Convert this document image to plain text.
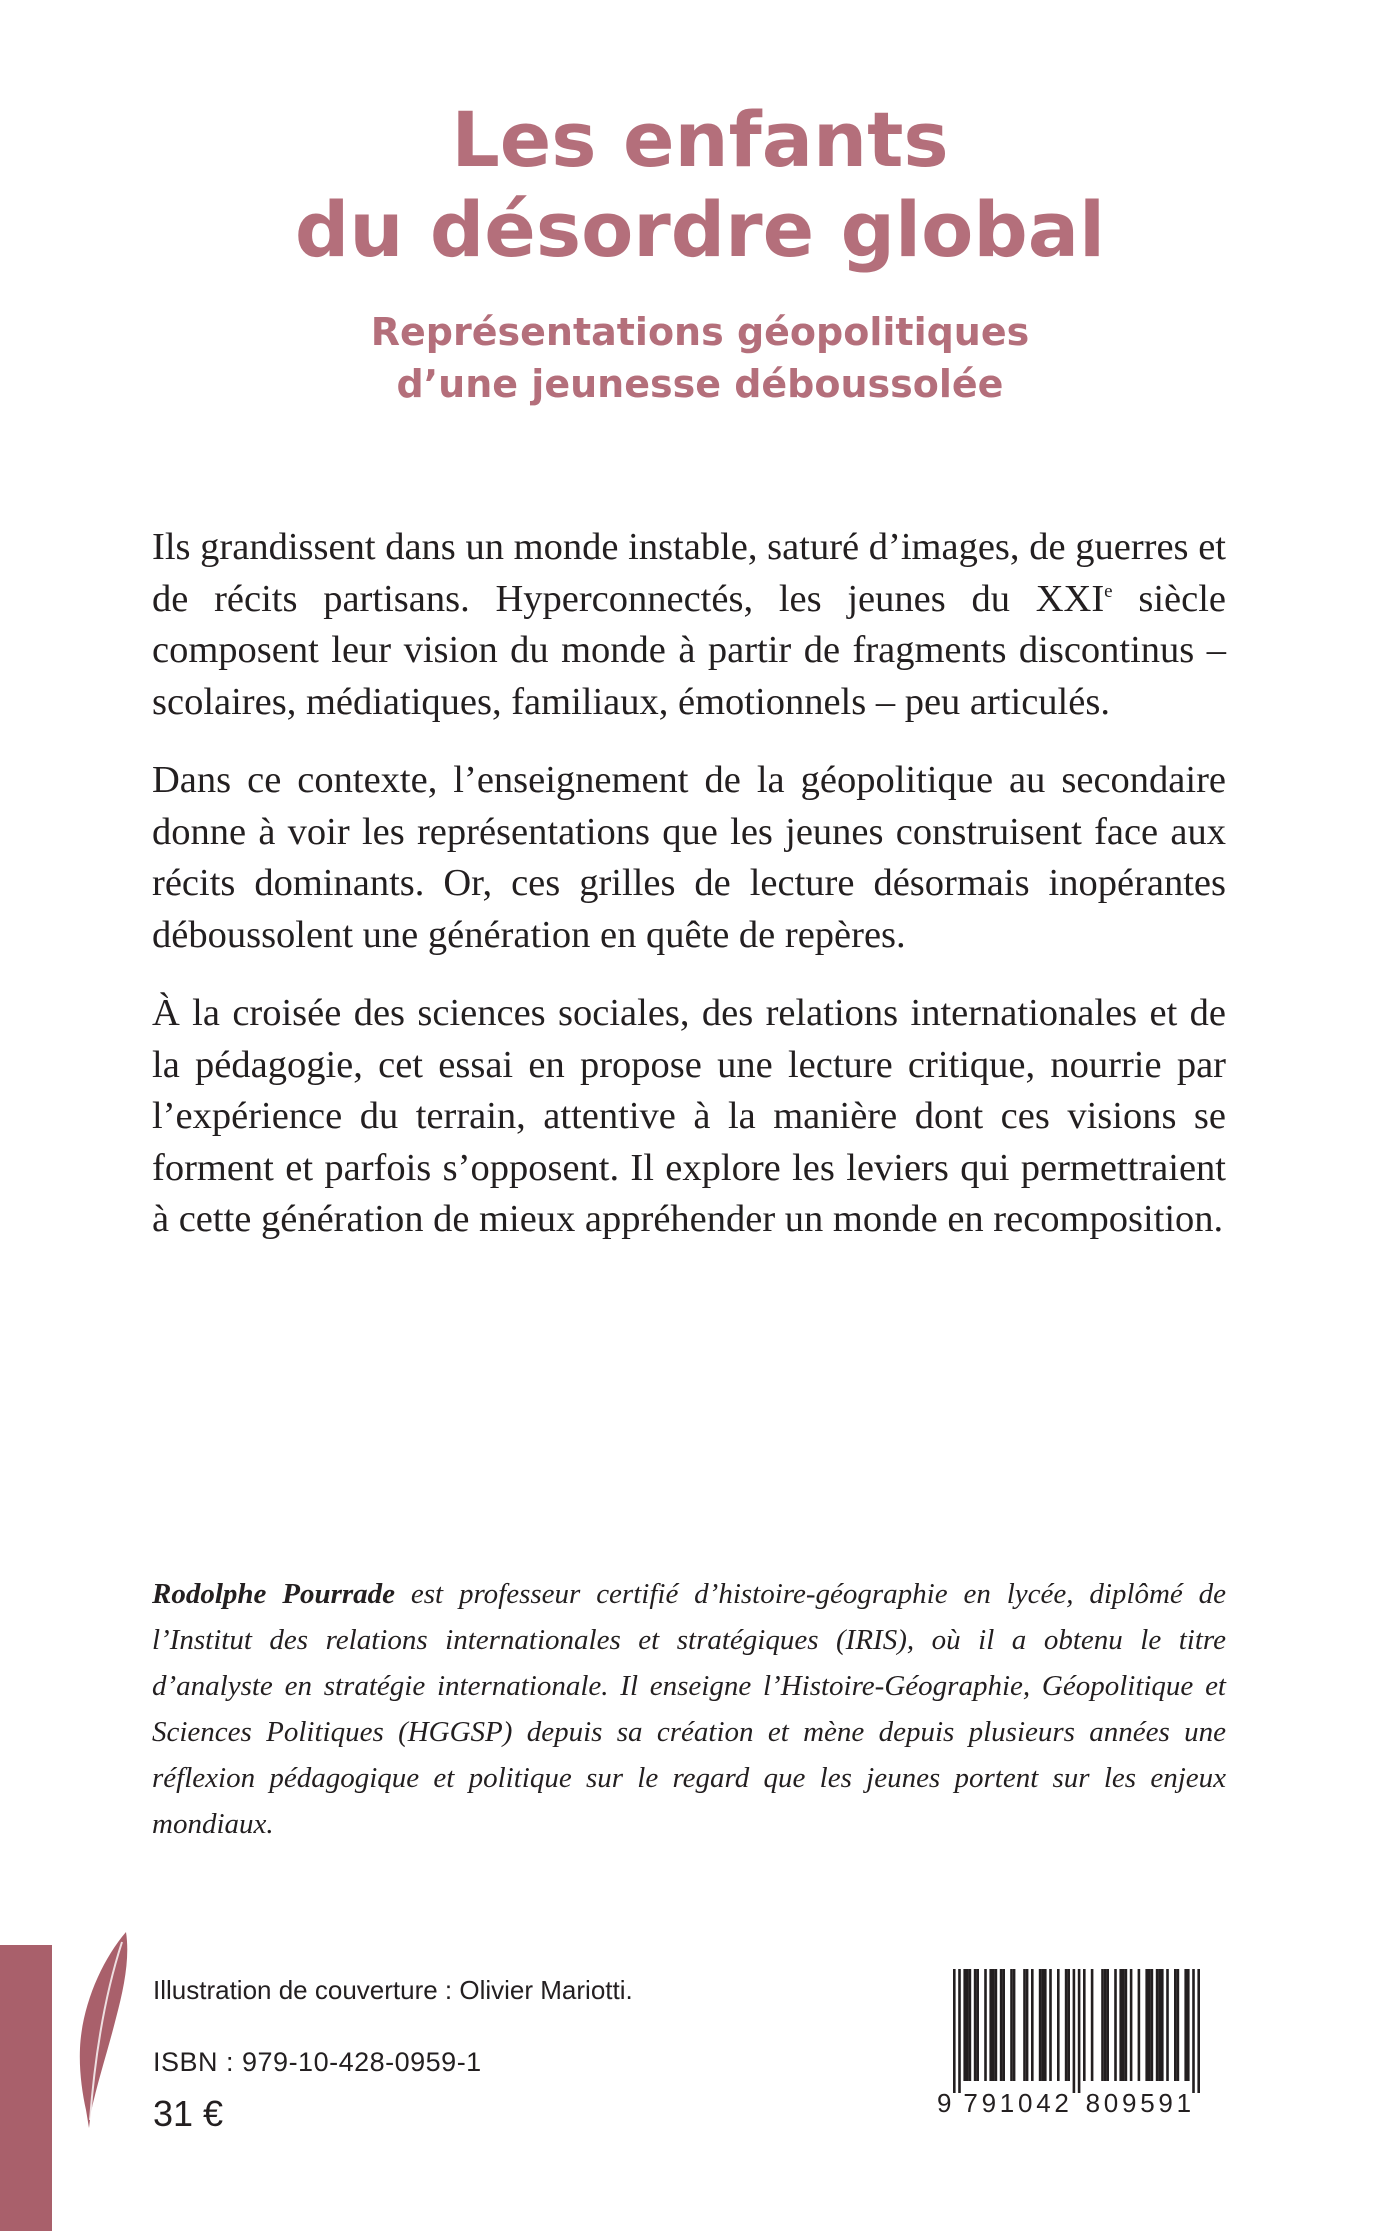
Les enfants
du désordre global
Représentations géopolitiques
d’une jeunesse déboussolée

Ils grandissent dans un monde instable, saturé d’images, de guerres et de récits partisans. Hyperconnectés, les jeunes du XXIe siècle composent leur vision du monde à partir de fragments discontinus – scolaires, médiatiques, familiaux, émotionnels – peu articulés.

Dans ce contexte, l’enseignement de la géopolitique au secondaire donne à voir les représentations que les jeunes construisent face aux récits dominants. Or, ces grilles de lecture désormais inopérantes déboussolent une génération en quête de repères.

À la croisée des sciences sociales, des relations internationales et de la pédagogie, cet essai en propose une lecture critique, nourrie par l’expérience du terrain, attentive à la manière dont ces visions se forment et parfois s’opposent. Il explore les leviers qui permettraient à cette génération de mieux appréhender un monde en recomposition.

Rodolphe Pourrade est professeur certifié d’histoire-géographie en lycée, diplômé de l’Institut des relations internationales et stratégiques (IRIS), où il a obtenu le titre d’analyste en stratégie internationale. Il enseigne l’Histoire-Géographie, Géopolitique et Sciences Politiques (HGGSP) depuis sa création et mène depuis plusieurs années une réflexion pédagogique et politique sur le regard que les jeunes portent sur les enjeux mondiaux.

Illustration de couverture : Olivier Mariotti.
ISBN : 979-10-428-0959-1
31 €	9 7 9 1 0 4 2 8 0 9 5 9 1
